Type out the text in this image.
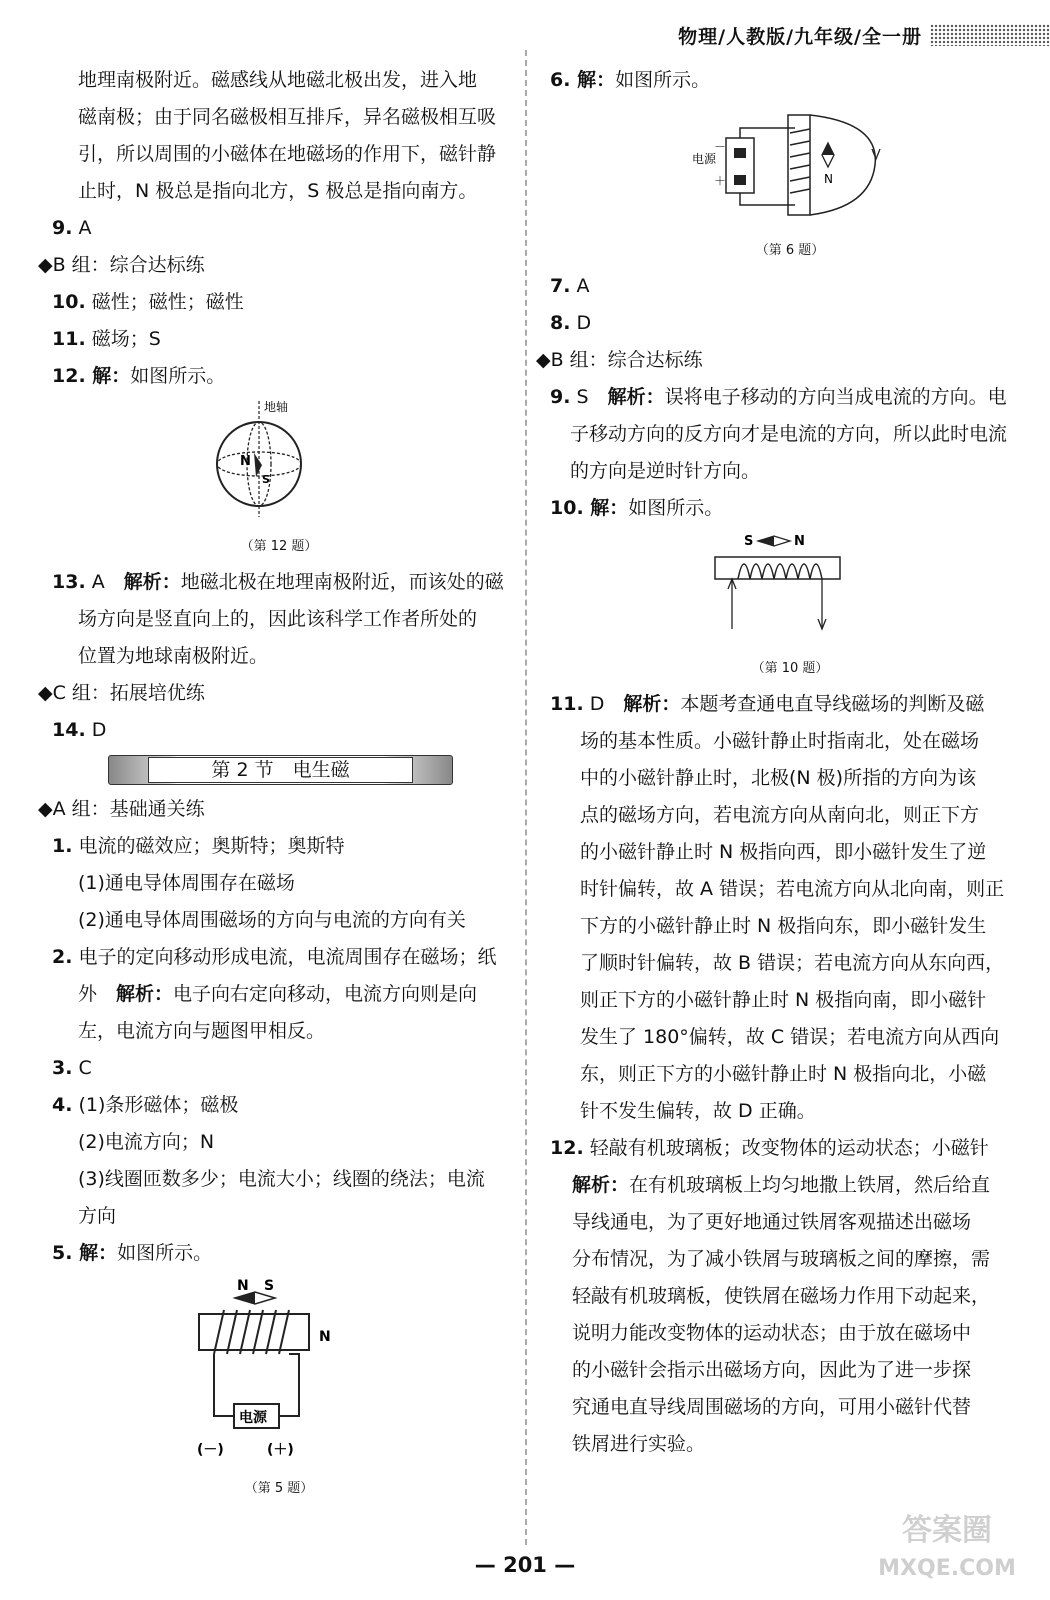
物理/人教版/九年级/全一册
地理南极附近。磁感线从地磁北极出发，进入地
磁南极；由于同名磁极相互排斥，异名磁极相互吸
引，所以周围的小磁体在地磁场的作用下，磁针静
止时，N 极总是指向北方，S 极总是指向南方。
9. A
◆B 组：综合达标练
10. 磁性；磁性；磁性
11. 磁场；S
12. 解：如图所示。
地轴
N
S
（第 12 题）
13. A　解析：地磁北极在地理南极附近，而该处的磁
场方向是竖直向上的，因此该科学工作者所处的
位置为地球南极附近。
◆C 组：拓展培优练
14. D
第 2 节　电生磁
◆A 组：基础通关练
1. 电流的磁效应；奥斯特；奥斯特
(1)通电导体周围存在磁场
(2)通电导体周围磁场的方向与电流的方向有关
2. 电子的定向移动形成电流，电流周围存在磁场；纸
外　解析：电子向右定向移动，电流方向则是向
左，电流方向与题图甲相反。
3. C
4. (1)条形磁体；磁极
(2)电流方向；N
(3)线圈匝数多少；电流大小；线圈的绕法；电流
方向
5. 解：如图所示。
N S
N
电源
(－)	(＋)
（第 5 题）
6. 解：如图所示。
电源
－
＋	N
（第 6 题）
7. A
8. D
◆B 组：综合达标练
9. S　解析：误将电子移动的方向当成电流的方向。电
子移动方向的反方向才是电流的方向，所以此时电流
的方向是逆时针方向。
10. 解：如图所示。
S	N
（第 10 题）
11. D　解析：本题考查通电直导线磁场的判断及磁
场的基本性质。小磁针静止时指南北，处在磁场
中的小磁针静止时，北极(N 极)所指的方向为该
点的磁场方向，若电流方向从南向北，则正下方
的小磁针静止时 N 极指向西，即小磁针发生了逆
时针偏转，故 A 错误；若电流方向从北向南，则正
下方的小磁针静止时 N 极指向东，即小磁针发生
了顺时针偏转，故 B 错误；若电流方向从东向西，
则正下方的小磁针静止时 N 极指向南，即小磁针
发生了 180°偏转，故 C 错误；若电流方向从西向
东，则正下方的小磁针静止时 N 极指向北，小磁
针不发生偏转，故 D 正确。
12. 轻敲有机玻璃板；改变物体的运动状态；小磁针
解析：在有机玻璃板上均匀地撒上铁屑，然后给直
导线通电，为了更好地通过铁屑客观描述出磁场
分布情况，为了减小铁屑与玻璃板之间的摩擦，需
轻敲有机玻璃板，使铁屑在磁场力作用下动起来，
说明力能改变物体的运动状态；由于放在磁场中
的小磁针会指示出磁场方向，因此为了进一步探
究通电直导线周围磁场的方向，可用小磁针代替
铁屑进行实验。
— 201 —
答案圈
MXQE.COM
